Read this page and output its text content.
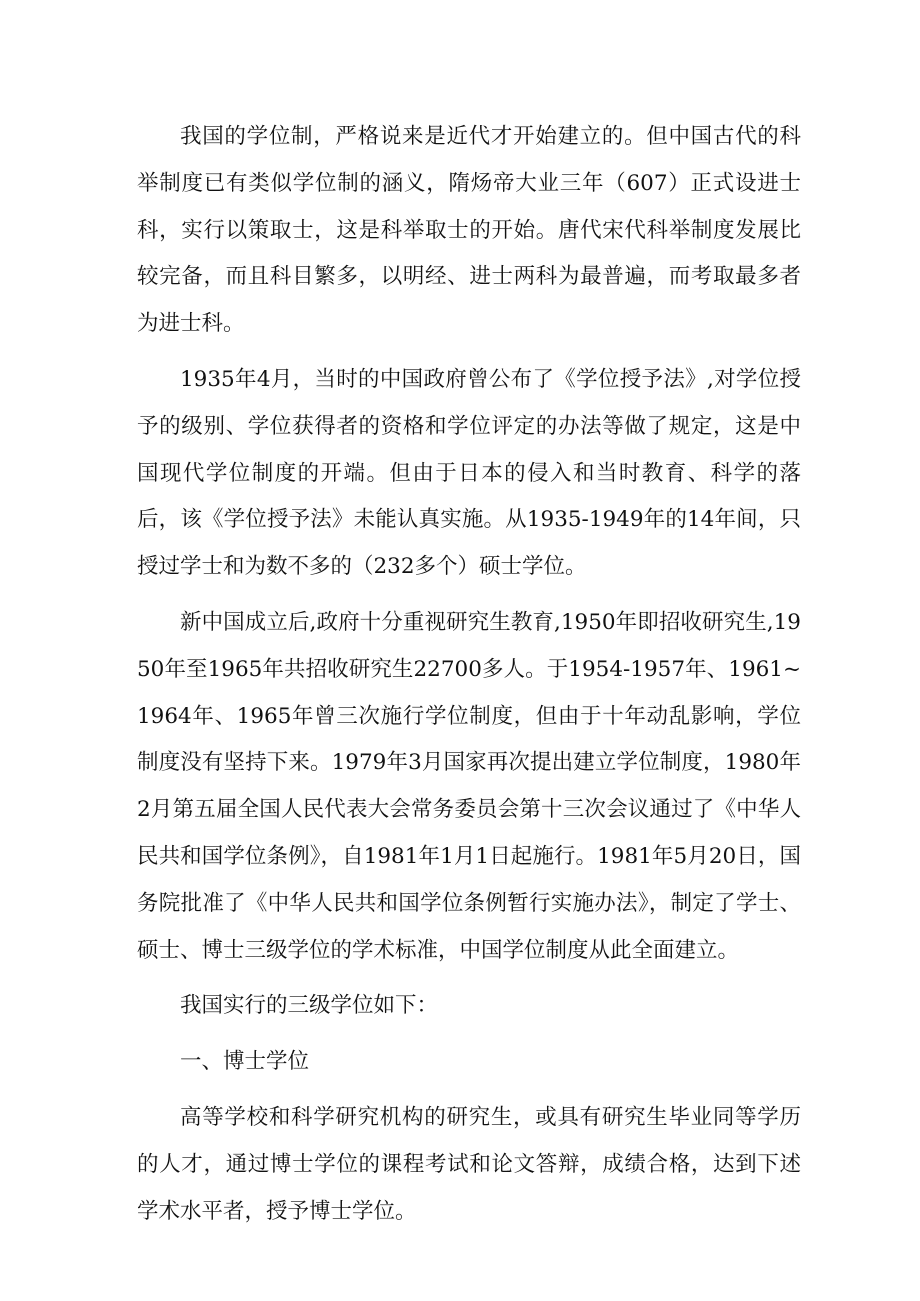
我国的学位制，严格说来是近代才开始建立的。但中国古代的科举制度已有类似学位制的涵义，隋炀帝大业三年（607）正式设进士科，实行以策取士，这是科举取士的开始。唐代宋代科举制度发展比较完备，而且科目繁多，以明经、进士两科为最普遍，而考取最多者为进士科。

1935年4月，当时的中国政府曾公布了《学位授予法》,对学位授予的级别、学位获得者的资格和学位评定的办法等做了规定，这是中国现代学位制度的开端。但由于日本的侵入和当时教育、科学的落后，该《学位授予法》未能认真实施。从1935-1949年的14年间，只授过学士和为数不多的（232多个）硕士学位。

新中国成立后,政府十分重视研究生教育,1950年即招收研究生,1950年至1965年共招收研究生22700多人。于1954-1957年、1961~1964年、1965年曾三次施行学位制度，但由于十年动乱影响，学位制度没有坚持下来。1979年3月国家再次提出建立学位制度，1980年2月第五届全国人民代表大会常务委员会第十三次会议通过了《中华人民共和国学位条例》，自1981年1月1日起施行。1981年5月20日，国务院批准了《中华人民共和国学位条例暂行实施办法》，制定了学士、硕士、博士三级学位的学术标准，中国学位制度从此全面建立。

我国实行的三级学位如下：

一、博士学位

高等学校和科学研究机构的研究生，或具有研究生毕业同等学历的人才，通过博士学位的课程考试和论文答辩，成绩合格，达到下述学术水平者，授予博士学位。
